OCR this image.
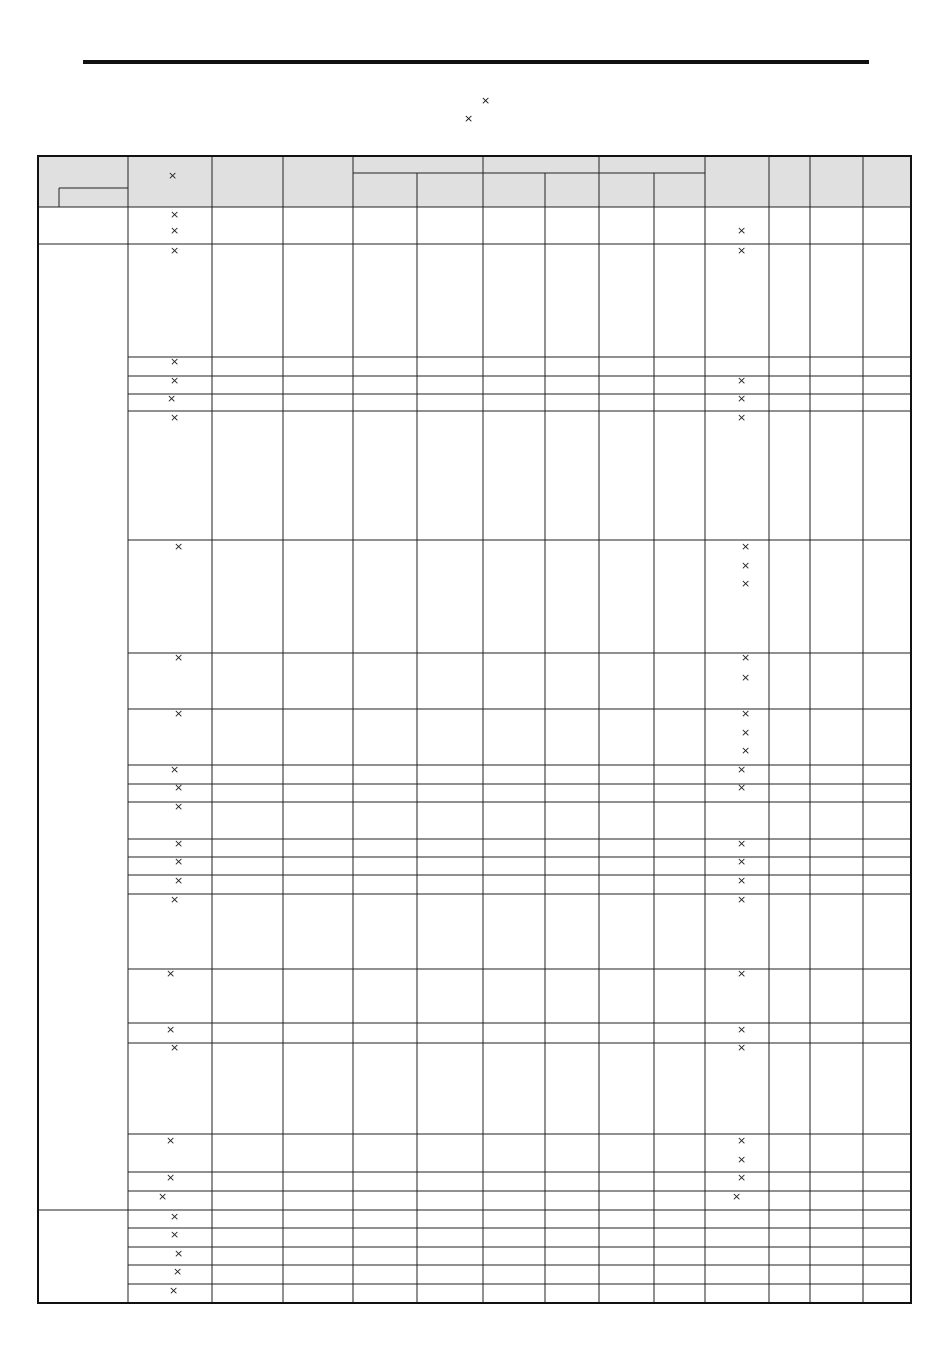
×
×
×
×
×
×
×
×
×
×
×
×
×
×
×
×
×
×
×
×
×
×
×
×
×
×
×
×
×
×
×
×
×
×
×
×
×
×
×
×
×
×
×
×
×
×
×
×
×
×
×
×
×
×
×
×
×
